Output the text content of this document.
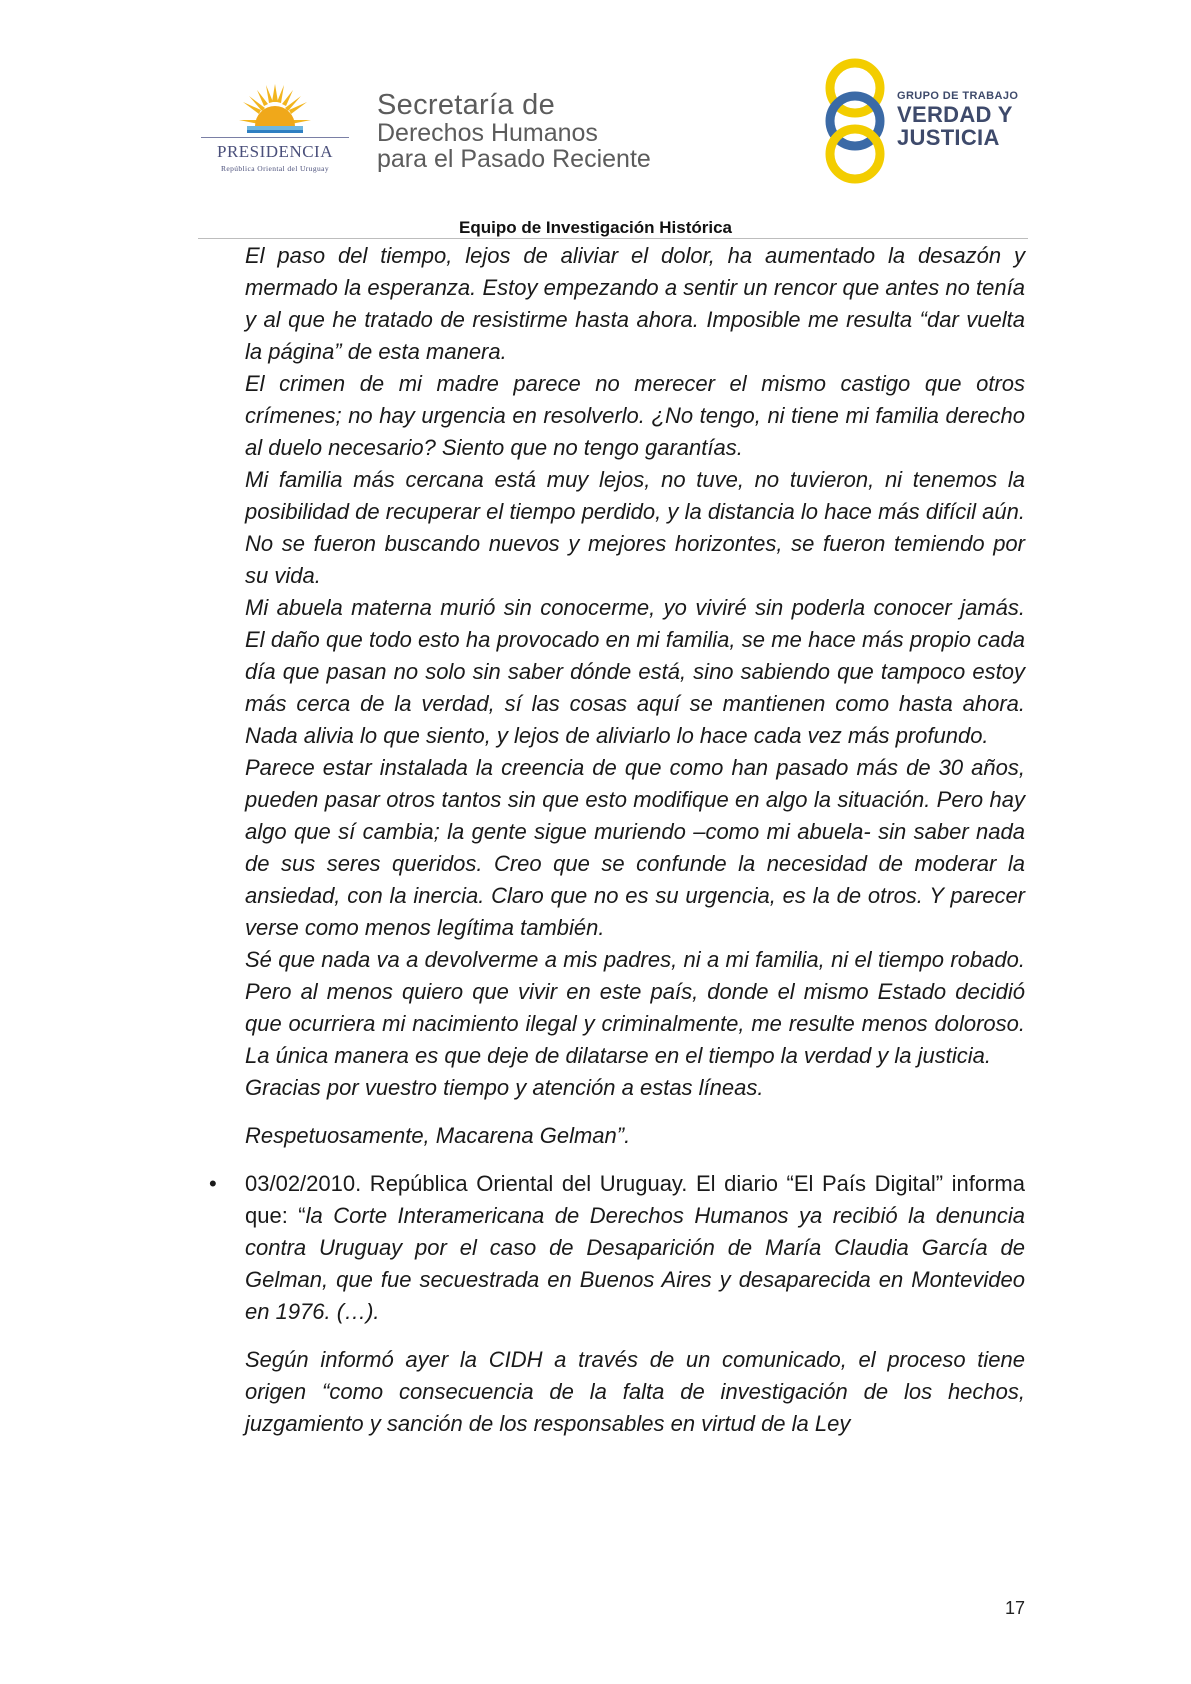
PRESIDENCIA
República Oriental del Uruguay
Secretaría de
Derechos Humanos
para el Pasado Reciente
GRUPO DE TRABAJO
VERDAD Y
JUSTICIA
Equipo de Investigación Histórica

El paso del tiempo, lejos de aliviar el dolor, ha aumentado la desazón y mermado la esperanza. Estoy empezando a sentir un rencor que antes no tenía y al que he tratado de resistirme hasta ahora. Imposible me resulta “dar vuelta la página” de esta manera.

El crimen de mi madre parece no merecer el mismo castigo que otros crímenes; no hay urgencia en resolverlo. ¿No tengo, ni tiene mi familia derecho al duelo necesario? Siento que no tengo garantías.

Mi familia más cercana está muy lejos, no tuve, no tuvieron, ni tenemos la posibilidad de recuperar el tiempo perdido, y la distancia lo hace más difícil aún. No se fueron buscando nuevos y mejores horizontes, se fueron temiendo por su vida.

Mi abuela materna murió sin conocerme, yo viviré sin poderla conocer jamás. El daño que todo esto ha provocado en mi familia, se me hace más propio cada día que pasan no solo sin saber dónde está, sino sabiendo que tampoco estoy más cerca de la verdad, sí las cosas aquí se mantienen como hasta ahora. Nada alivia lo que siento, y lejos de aliviarlo lo hace cada vez más profundo.

Parece estar instalada la creencia de que como han pasado más de 30 años, pueden pasar otros tantos sin que esto modifique en algo la situación. Pero hay algo que sí cambia; la gente sigue muriendo –como mi abuela- sin saber nada de sus seres queridos. Creo que se confunde la necesidad de moderar la ansiedad, con la inercia. Claro que no es su urgencia, es la de otros. Y parecer verse como menos legítima también.

Sé que nada va a devolverme a mis padres, ni a mi familia, ni el tiempo robado. Pero al menos quiero que vivir en este país, donde el mismo Estado decidió que ocurriera mi nacimiento ilegal y criminalmente, me resulte menos doloroso. La única manera es que deje de dilatarse en el tiempo la verdad y la justicia.

Gracias por vuestro tiempo y atención a estas líneas.

Respetuosamente, Macarena Gelman”.

• 03/02/2010. República Oriental del Uruguay. El diario “El País Digital” informa que: “la Corte Interamericana de Derechos Humanos ya recibió la denuncia contra Uruguay por el caso de Desaparición de María Claudia García de Gelman, que fue secuestrada en Buenos Aires y desaparecida en Montevideo en 1976. (…).

Según informó ayer la CIDH a través de un comunicado, el proceso tiene origen “como consecuencia de la falta de investigación de los hechos, juzgamiento y sanción de los responsables en virtud de la Ley

17
